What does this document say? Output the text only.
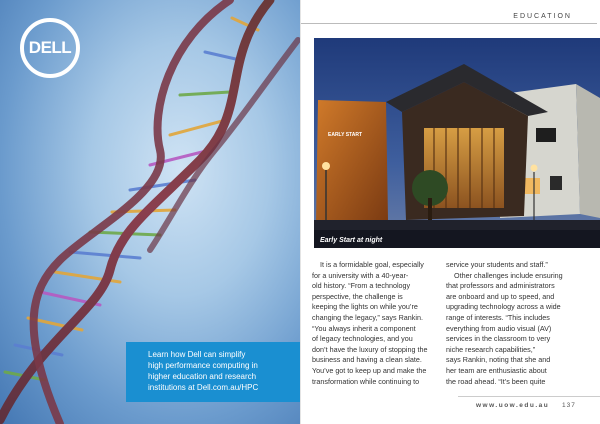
DELL
Learn how Dell can simplify
high performance computing in
higher education and research
institutions at Dell.com.au/HPC
EDUCATION
EARLY START
Early Start at night
It is a formidable goal, especially
for a university with a 40-year-
old history. “From a technology
perspective, the challenge is
keeping the lights on while you’re
changing the legacy,” says Rankin.
“You always inherit a component
of legacy technologies, and you
don’t have the luxury of stopping the
business and having a clean slate.
You’ve got to keep up and make the
transformation while continuing to
service your students and staff.”
Other challenges include ensuring
that professors and administrators
are onboard and up to speed, and
upgrading technology across a wide
range of interests. “This includes
everything from audio visual (AV)
services in the classroom to very
niche research capabilities,”
says Rankin, noting that she and
her team are enthusiastic about
the road ahead. “It’s been quite
www.uow.edu.au 137
